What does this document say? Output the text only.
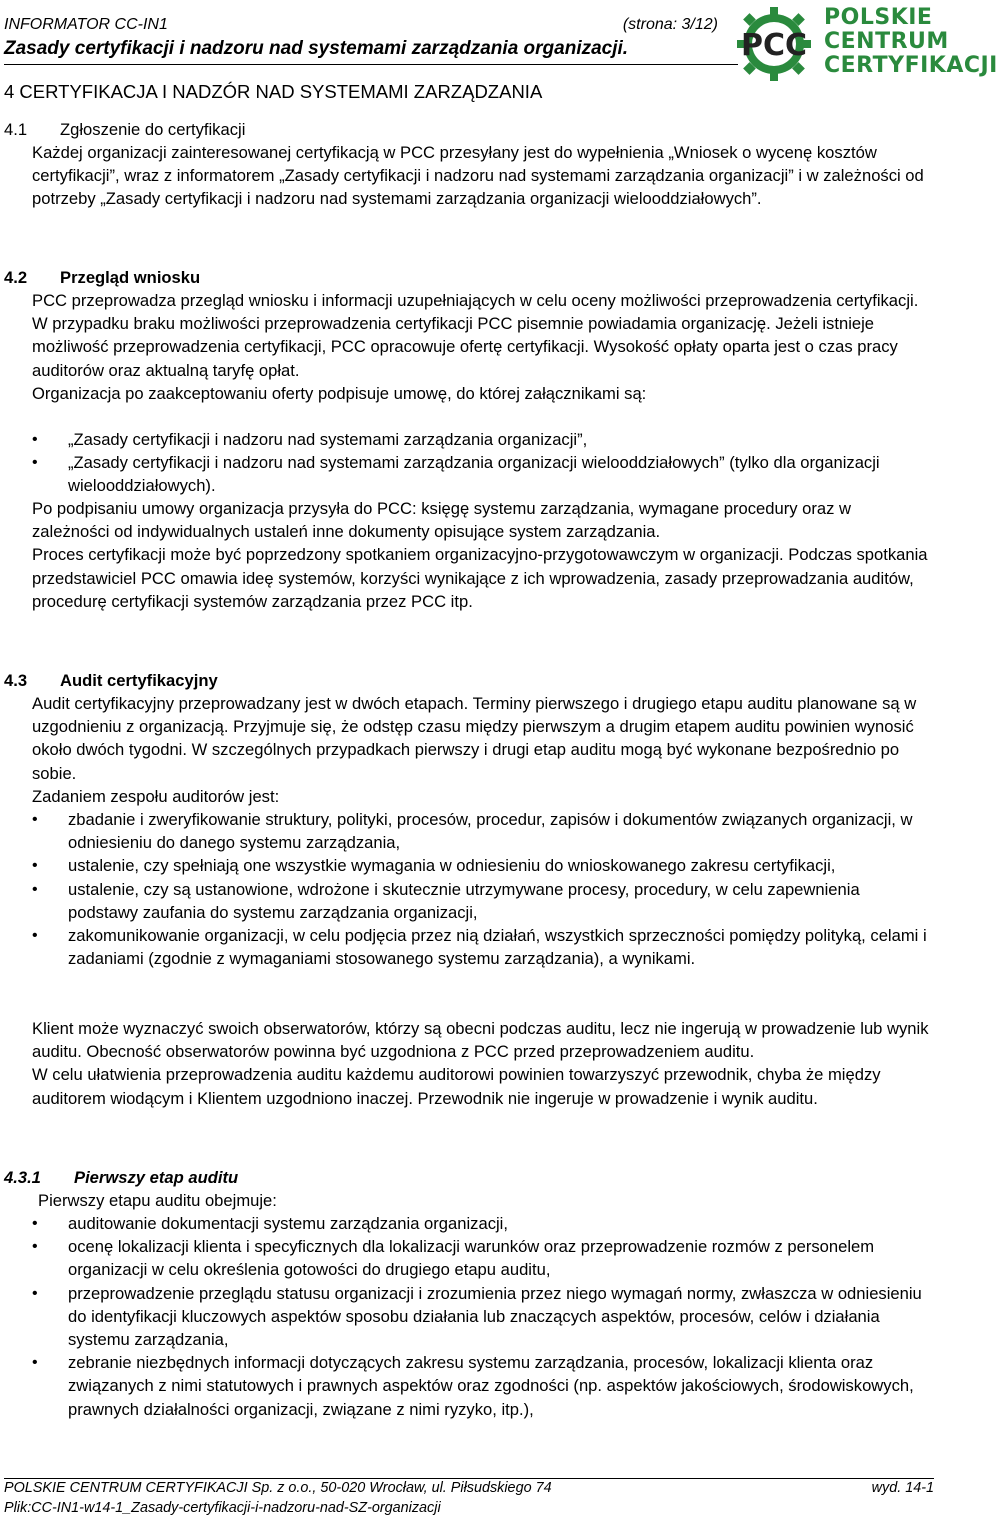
INFORMATOR CC-IN1	(strona: 3/12)
Zasady certyfikacji i nadzoru nad systemami zarządzania organizacji.	PCC
POLSKIE
CENTRUM
CERTYFIKACJI
4 CERTYFIKACJA I NADZÓR NAD SYSTEMAMI ZARZĄDZANIA
4.1 Zgłoszenie do certyfikacji

Każdej organizacji zainteresowanej certyfikacją w PCC przesyłany jest do wypełnienia „Wniosek o wycenę kosztów certyfikacji”, wraz z informatorem „Zasady certyfikacji i nadzoru nad systemami zarządzania organizacji” i w zależności od potrzeby „Zasady certyfikacji i nadzoru nad systemami zarządzania organizacji wielooddziałowych”.

4.2 Przegląd wniosku

PCC przeprowadza przegląd wniosku i informacji uzupełniających w celu oceny możliwości przeprowadzenia certyfikacji. W przypadku braku możliwości przeprowadzenia certyfikacji PCC pisemnie powiadamia organizację. Jeżeli istnieje możliwość przeprowadzenia certyfikacji, PCC opracowuje ofertę certyfikacji. Wysokość opłaty oparta jest o czas pracy auditorów oraz aktualną taryfę opłat.

Organizacja po zaakceptowaniu oferty podpisuje umowę, do której załącznikami są:

• „Zasady certyfikacji i nadzoru nad systemami zarządzania organizacji”,
• „Zasady certyfikacji i nadzoru nad systemami zarządzania organizacji wielooddziałowych” (tylko dla organizacji wielooddziałowych).

Po podpisaniu umowy organizacja przysyła do PCC: księgę systemu zarządzania, wymagane procedury oraz w zależności od indywidualnych ustaleń inne dokumenty opisujące system zarządzania.

Proces certyfikacji może być poprzedzony spotkaniem organizacyjno-przygotowawczym w organizacji. Podczas spotkania przedstawiciel PCC omawia ideę systemów, korzyści wynikające z ich wprowadzenia, zasady przeprowadzania auditów, procedurę certyfikacji systemów zarządzania przez PCC itp.

4.3 Audit certyfikacyjny

Audit certyfikacyjny przeprowadzany jest w dwóch etapach. Terminy pierwszego i drugiego etapu auditu planowane są w uzgodnieniu z organizacją. Przyjmuje się, że odstęp czasu między pierwszym a drugim etapem auditu powinien wynosić około dwóch tygodni. W szczególnych przypadkach pierwszy i drugi etap auditu mogą być wykonane bezpośrednio po sobie.

Zadaniem zespołu auditorów jest:

• zbadanie i zweryfikowanie struktury, polityki, procesów, procedur, zapisów i dokumentów związanych organizacji, w odniesieniu do danego systemu zarządzania,
• ustalenie, czy spełniają one wszystkie wymagania w odniesieniu do wnioskowanego zakresu certyfikacji,
• ustalenie, czy są ustanowione, wdrożone i skutecznie utrzymywane procesy, procedury, w celu zapewnienia podstawy zaufania do systemu zarządzania organizacji,
• zakomunikowanie organizacji, w celu podjęcia przez nią działań, wszystkich sprzeczności pomiędzy polityką, celami i zadaniami (zgodnie z wymaganiami stosowanego systemu zarządzania), a wynikami.

Klient może wyznaczyć swoich obserwatorów, którzy są obecni podczas auditu, lecz nie ingerują w prowadzenie lub wynik auditu. Obecność obserwatorów powinna być uzgodniona z PCC przed przeprowadzeniem auditu.

W celu ułatwienia przeprowadzenia auditu każdemu auditorowi powinien towarzyszyć przewodnik, chyba że między auditorem wiodącym i Klientem uzgodniono inaczej. Przewodnik nie ingeruje w prowadzenie i wynik auditu.

4.3.1 Pierwszy etap auditu

Pierwszy etapu auditu obejmuje:

• auditowanie dokumentacji systemu zarządzania organizacji,
• ocenę lokalizacji klienta i specyficznych dla lokalizacji warunków oraz przeprowadzenie rozmów z personelem organizacji w celu określenia gotowości do drugiego etapu auditu,
• przeprowadzenie przeglądu statusu organizacji i zrozumienia przez niego wymagań normy, zwłaszcza w odniesieniu do identyfikacji kluczowych aspektów sposobu działania lub znaczących aspektów, procesów, celów i działania systemu zarządzania,
• zebranie niezbędnych informacji dotyczących zakresu systemu zarządzania, procesów, lokalizacji klienta oraz związanych z nimi statutowych i prawnych aspektów oraz zgodności (np. aspektów jakościowych, środowiskowych, prawnych działalności organizacji, związane z nimi ryzyko, itp.),
POLSKIE CENTRUM CERTYFIKACJI Sp. z o.o., 50-020 Wrocław, ul. Piłsudskiego 74	wyd. 14-1
Plik:CC-IN1-w14-1_Zasady-certyfikacji-i-nadzoru-nad-SZ-organizacji
